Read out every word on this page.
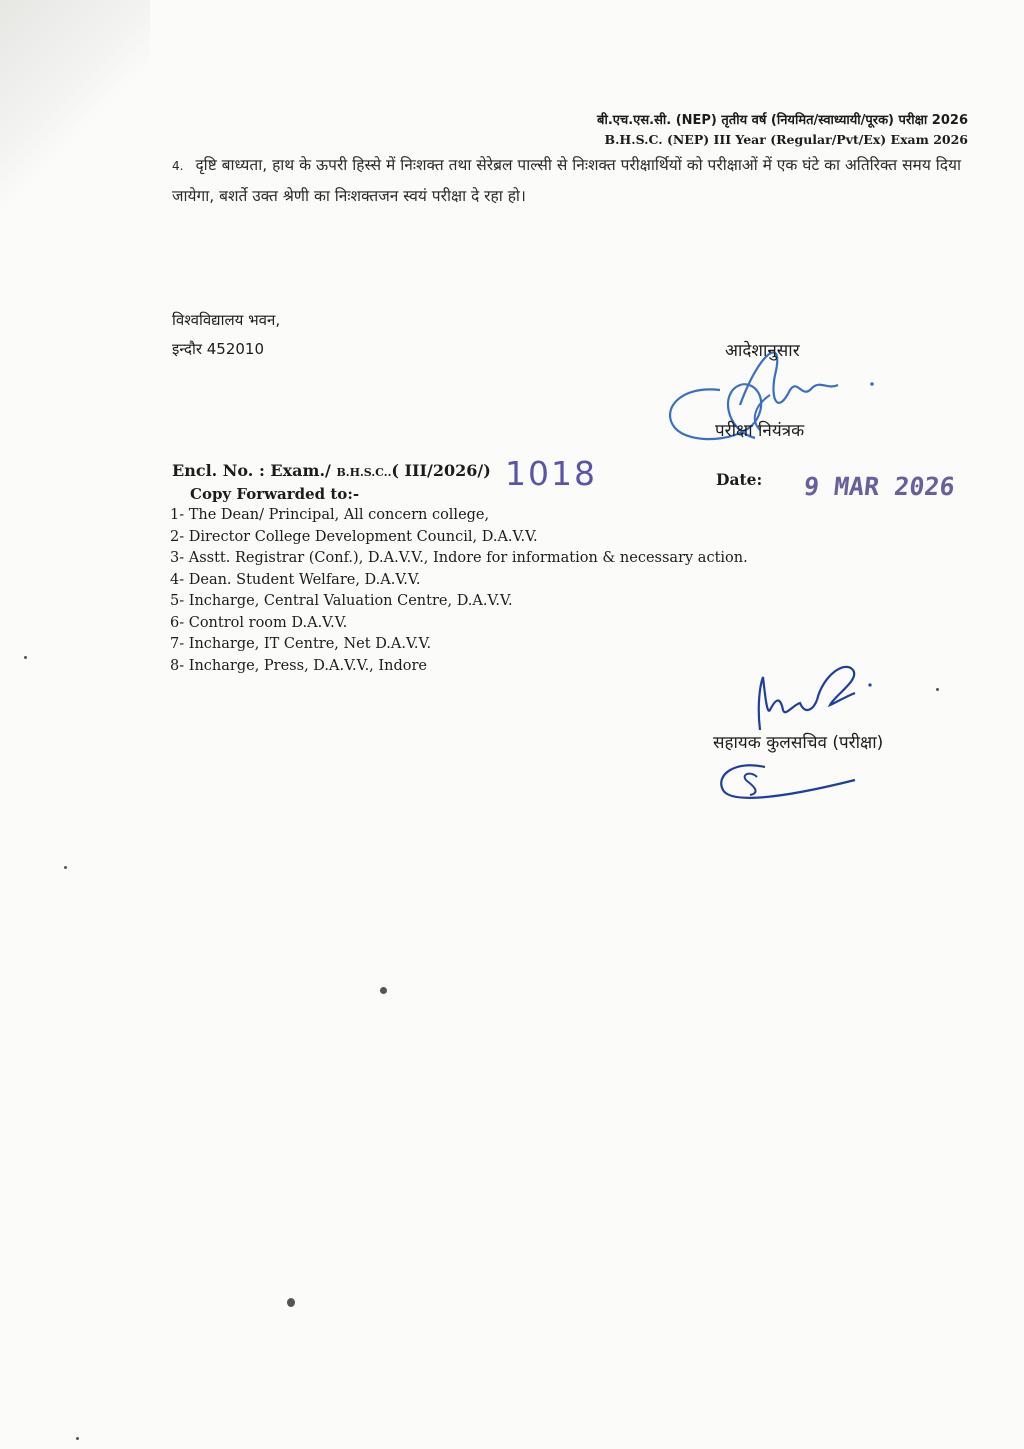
बी.एच.एस.सी. (NEP) तृतीय वर्ष (नियमित/स्वाध्यायी/पूरक) परीक्षा 2026
B.H.S.C. (NEP) III Year (Regular/Pvt/Ex) Exam 2026
4. दृष्टि बाध्यता, हाथ के ऊपरी हिस्से में निःशक्त तथा सेरेब्रल पाल्सी से निःशक्त परीक्षार्थियों को परीक्षाओं में एक घंटे का अतिरिक्त समय दिया जायेगा, बशर्ते उक्त श्रेणी का निःशक्तजन स्वयं परीक्षा दे रहा हो।
विश्वविद्यालय भवन,
इन्दौर 452010	आदेशानुसार
परीक्षा नियंत्रक
Encl. No. : Exam./ B.H.S.C..( III/2026/) 1018	Date: 9 MAR 2026
Copy Forwarded to:-
1- The Dean/ Principal, All concern college,
2- Director College Development Council, D.A.V.V.
3- Asstt. Registrar (Conf.), D.A.V.V., Indore for information & necessary action.
4- Dean. Student Welfare, D.A.V.V.
5- Incharge, Central Valuation Centre, D.A.V.V.
6- Control room D.A.V.V.
7- Incharge, IT Centre, Net D.A.V.V.
8- Incharge, Press, D.A.V.V., Indore
सहायक कुलसचिव (परीक्षा)
